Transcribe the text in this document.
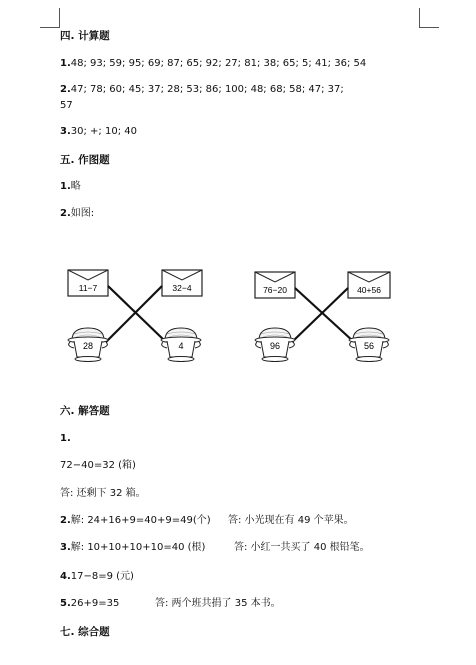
四. 计算题
1.48; 93; 59; 95; 69; 87; 65; 92; 27; 81; 38; 65; 5; 41; 36; 54
2.47; 78; 60; 45; 37; 28; 53; 86; 100; 48; 68; 58; 47; 37;
57
3.30; +; 10; 40
五. 作图题
1.略
2.如图:
11−7	32−4
28	4
76−20	40+56
96	56
六. 解答题
1.
72−40=32 (箱)
答: 还剩下 32 箱。
2.解: 24+16+9=40+9=49(个) 答: 小光现在有 49 个苹果。
3.解: 10+10+10+10=40 (根)	答: 小红一共买了 40 根铅笔。
4.17−8=9 (元)
5.26+9=35	答: 两个班共捐了 35 本书。
七. 综合题
